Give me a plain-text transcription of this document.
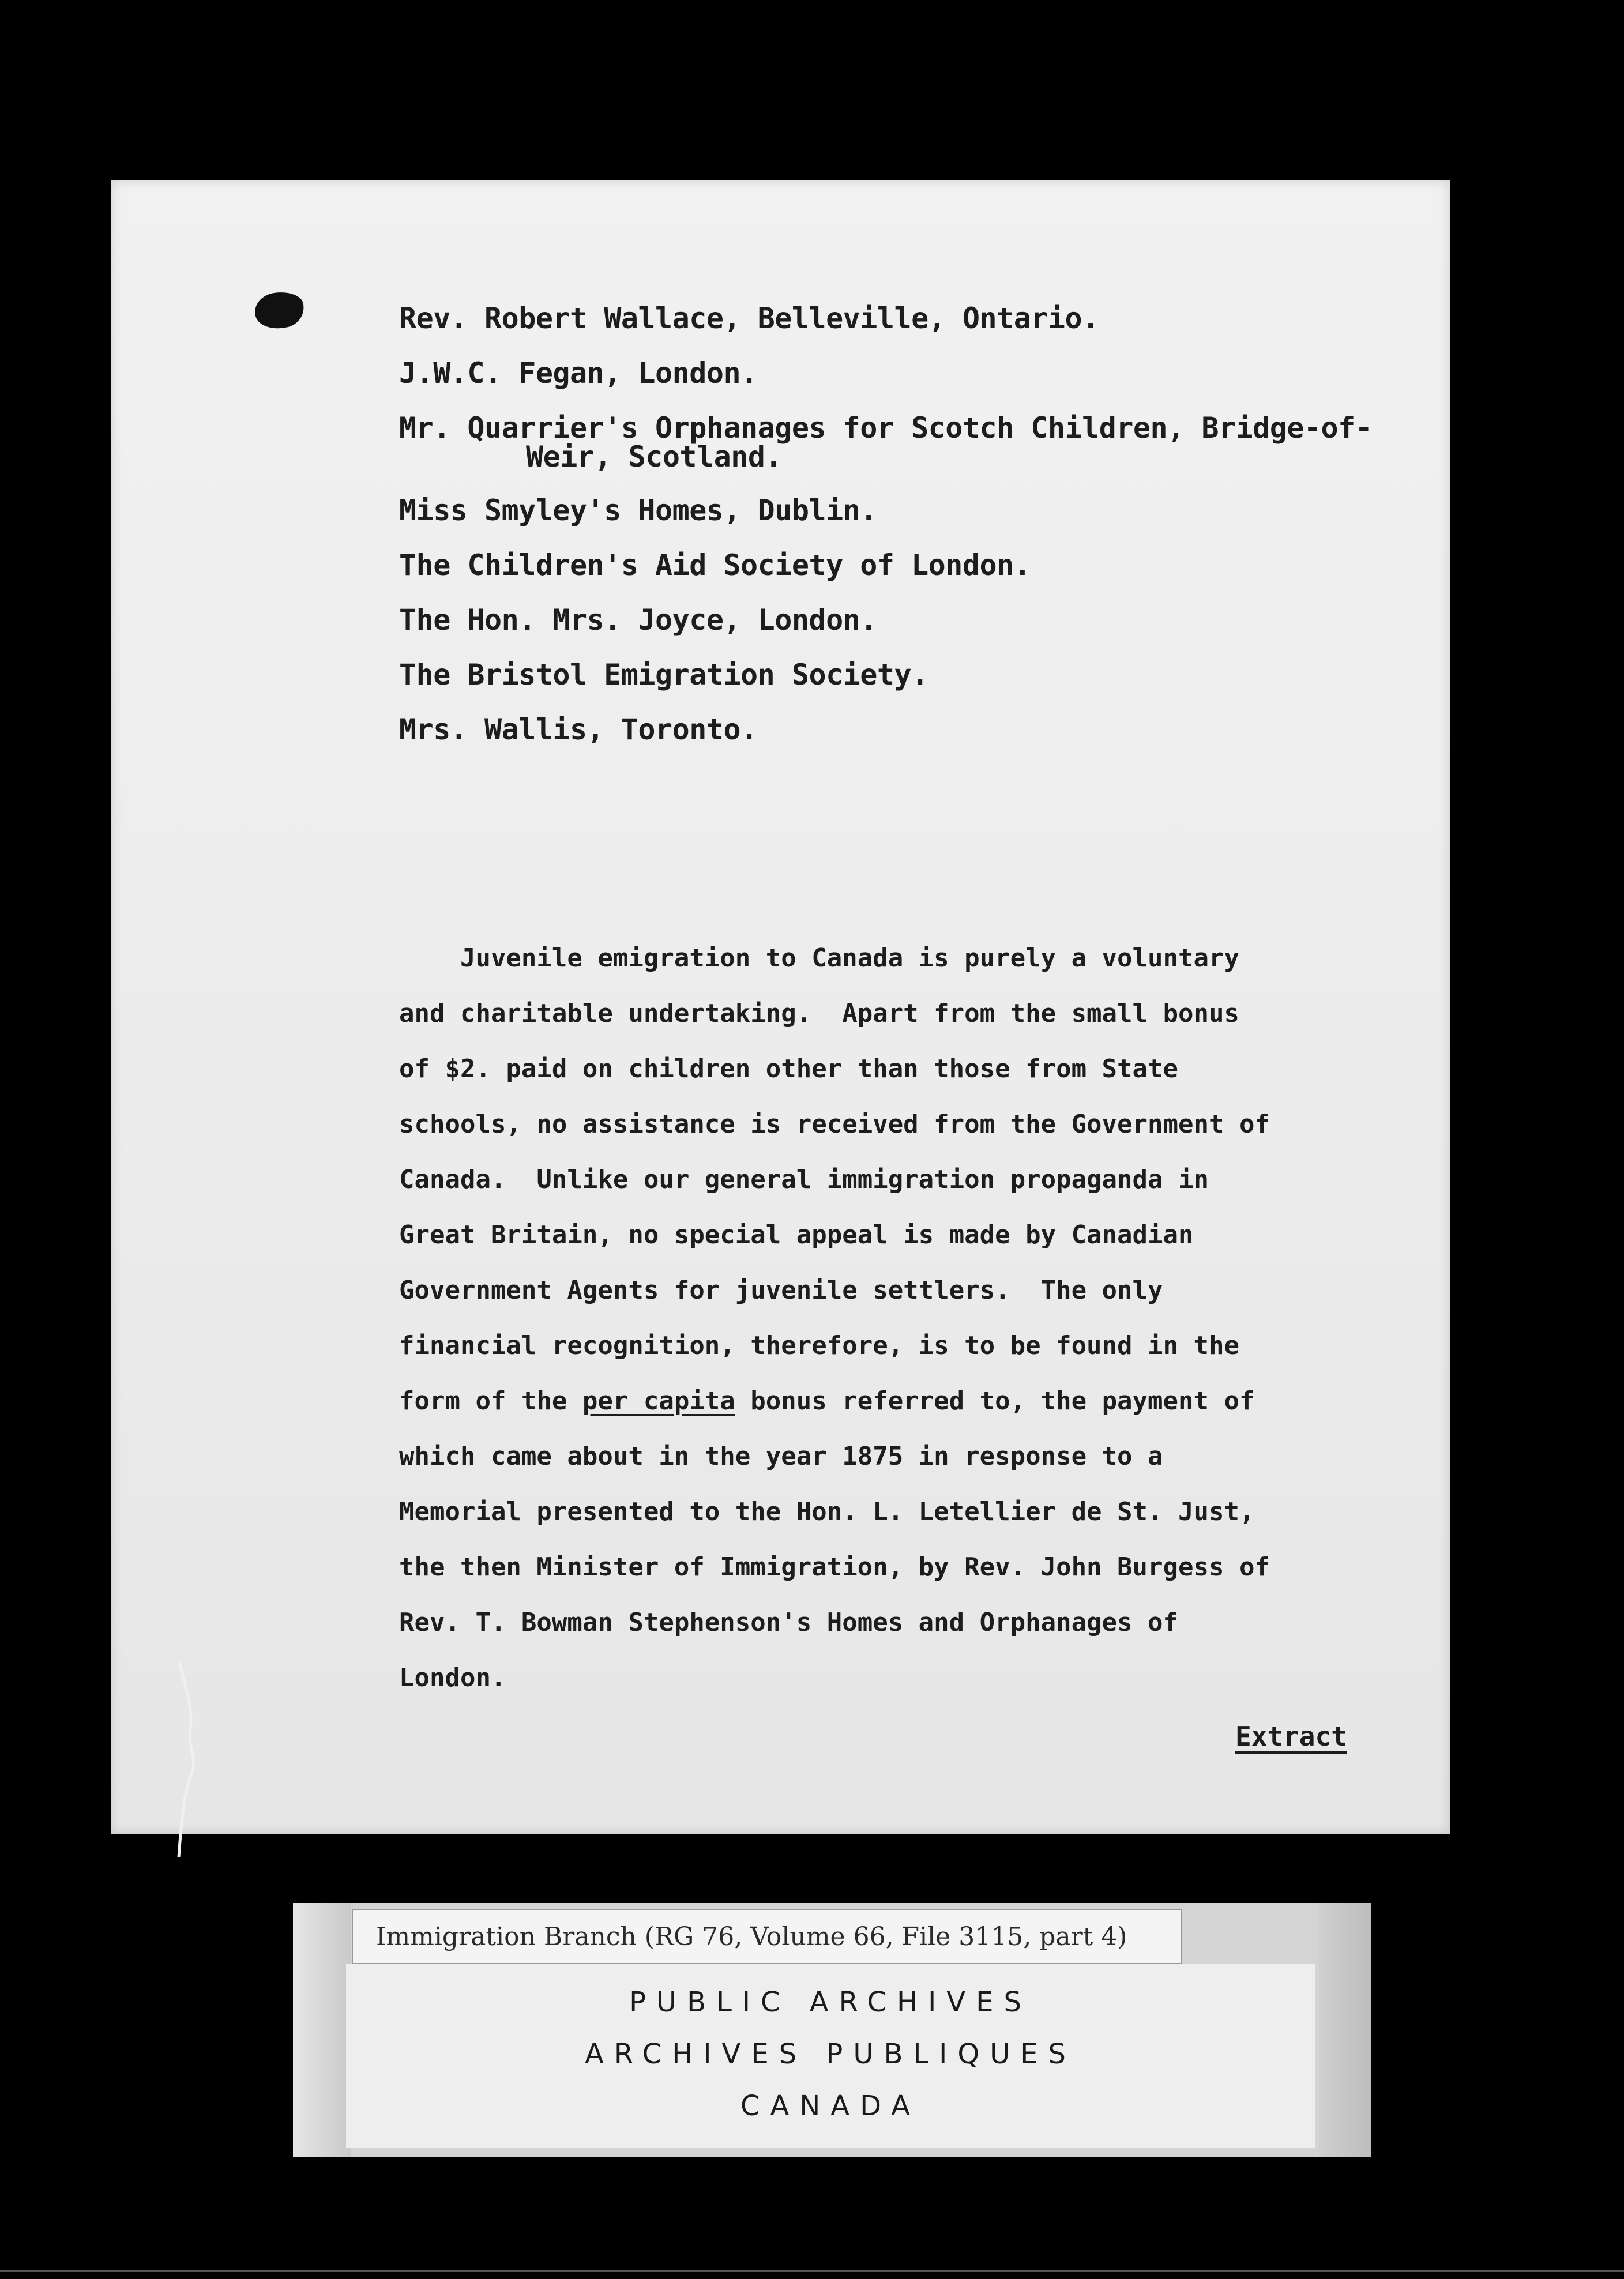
Rev. Robert Wallace, Belleville, Ontario.

J.W.C. Fegan, London.

Mr. Quarrier's Orphanages for Scotch Children, Bridge-of-

Weir, Scotland.

Miss Smyley's Homes, Dublin.

The Children's Aid Society of London.

The Hon. Mrs. Joyce, London.

The Bristol Emigration Society.

Mrs. Wallis, Toronto.

Juvenile emigration to Canada is purely a voluntary

and charitable undertaking.  Apart from the small bonus

of $2. paid on children other than those from State

schools, no assistance is received from the Government of

Canada.  Unlike our general immigration propaganda in

Great Britain, no special appeal is made by Canadian

Government Agents for juvenile settlers.  The only

financial recognition, therefore, is to be found in the

form of the per capita bonus referred to, the payment of

which came about in the year 1875 in response to a

Memorial presented to the Hon. L. Letellier de St. Just,

the then Minister of Immigration, by Rev. John Burgess of

Rev. T. Bowman Stephenson's Homes and Orphanages of

London.

Extract

Immigration Branch (RG 76, Volume 66, File 3115, part 4)

PUBLIC ARCHIVES

ARCHIVES PUBLIQUES

CANADA
